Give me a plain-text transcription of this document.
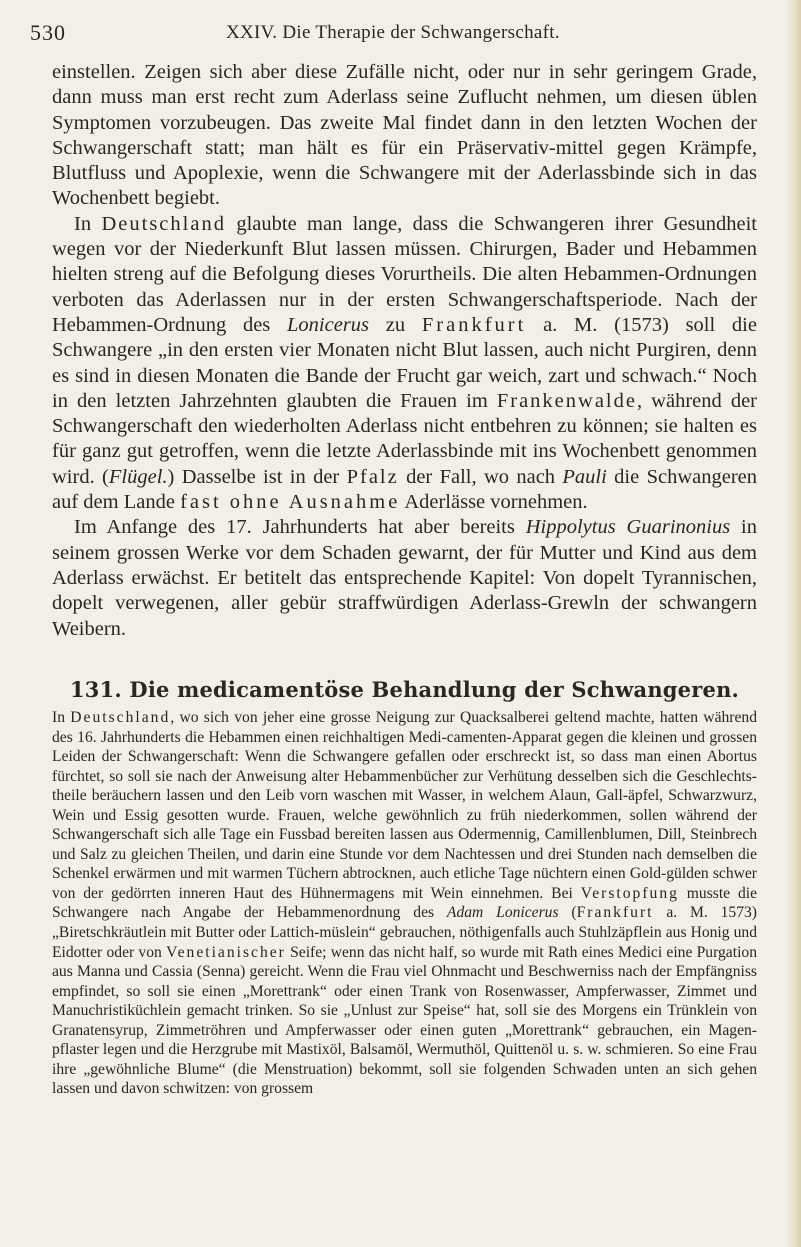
530	XXIV. Die Therapie der Schwangerschaft.

einstellen. Zeigen sich aber diese Zufälle nicht, oder nur in sehr geringem Grade, dann muss man erst recht zum Aderlass seine Zuflucht nehmen, um diesen üblen Symptomen vorzubeugen. Das zweite Mal findet dann in den letzten Wochen der Schwangerschaft statt; man hält es für ein Präservativ-mittel gegen Krämpfe, Blutfluss und Apoplexie, wenn die Schwangere mit der Aderlassbinde sich in das Wochenbett begiebt.

In Deutschland glaubte man lange, dass die Schwangeren ihrer Gesundheit wegen vor der Niederkunft Blut lassen müssen. Chirurgen, Bader und Hebammen hielten streng auf die Befolgung dieses Vorurtheils. Die alten Hebammen-Ordnungen verboten das Aderlassen nur in der ersten Schwangerschaftsperiode. Nach der Hebammen-Ordnung des Lonicerus zu Frankfurt a. M. (1573) soll die Schwangere „in den ersten vier Monaten nicht Blut lassen, auch nicht Purgiren, denn es sind in diesen Monaten die Bande der Frucht gar weich, zart und schwach.“ Noch in den letzten Jahrzehnten glaubten die Frauen im Frankenwalde, während der Schwangerschaft den wiederholten Aderlass nicht entbehren zu können; sie halten es für ganz gut getroffen, wenn die letzte Aderlassbinde mit ins Wochenbett genommen wird. (Flügel.) Dasselbe ist in der Pfalz der Fall, wo nach Pauli die Schwangeren auf dem Lande fast ohne Ausnahme Aderlässe vornehmen.

Im Anfange des 17. Jahrhunderts hat aber bereits Hippolytus Guarinonius in seinem grossen Werke vor dem Schaden gewarnt, der für Mutter und Kind aus dem Aderlass erwächst. Er betitelt das entsprechende Kapitel: Von dopelt Tyrannischen, dopelt verwegenen, aller gebür straffwürdigen Aderlass-Grewln der schwangern Weibern.

131. Die medicamentöse Behandlung der Schwangeren.

In Deutschland, wo sich von jeher eine grosse Neigung zur Quacksalberei geltend machte, hatten während des 16. Jahrhunderts die Hebammen einen reichhaltigen Medi-camenten-Apparat gegen die kleinen und grossen Leiden der Schwangerschaft: Wenn die Schwangere gefallen oder erschreckt ist, so dass man einen Abortus fürchtet, so soll sie nach der Anweisung alter Hebammenbücher zur Verhütung desselben sich die Geschlechts-theile beräuchern lassen und den Leib vorn waschen mit Wasser, in welchem Alaun, Gall-äpfel, Schwarzwurz, Wein und Essig gesotten wurde. Frauen, welche gewöhnlich zu früh niederkommen, sollen während der Schwangerschaft sich alle Tage ein Fussbad bereiten lassen aus Odermennig, Camillenblumen, Dill, Steinbrech und Salz zu gleichen Theilen, und darin eine Stunde vor dem Nachtessen und drei Stunden nach demselben die Schenkel erwärmen und mit warmen Tüchern abtrocknen, auch etliche Tage nüchtern einen Gold-gülden schwer von der gedörrten inneren Haut des Hühnermagens mit Wein einnehmen. Bei Verstopfung musste die Schwangere nach Angabe der Hebammenordnung des Adam Lonicerus (Frankfurt a. M. 1573) „Biretschkräutlein mit Butter oder Lattich-müslein“ gebrauchen, nöthigenfalls auch Stuhlzäpflein aus Honig und Eidotter oder von Venetianischer Seife; wenn das nicht half, so wurde mit Rath eines Medici eine Purgation aus Manna und Cassia (Senna) gereicht. Wenn die Frau viel Ohnmacht und Beschwerniss nach der Empfängniss empfindet, so soll sie einen „Morettrank“ oder einen Trank von Rosenwasser, Ampferwasser, Zimmet und Manuchristiküchlein gemacht trinken. So sie „Unlust zur Speise“ hat, soll sie des Morgens ein Trünklein von Granatensyrup, Zimmetröhren und Ampferwasser oder einen guten „Morettrank“ gebrauchen, ein Magen-pflaster legen und die Herzgrube mit Mastixöl, Balsamöl, Wermuthöl, Quittenöl u. s. w. schmieren. So eine Frau ihre „gewöhnliche Blume“ (die Menstruation) bekommt, soll sie folgenden Schwaden unten an sich gehen lassen und davon schwitzen: von grossem
